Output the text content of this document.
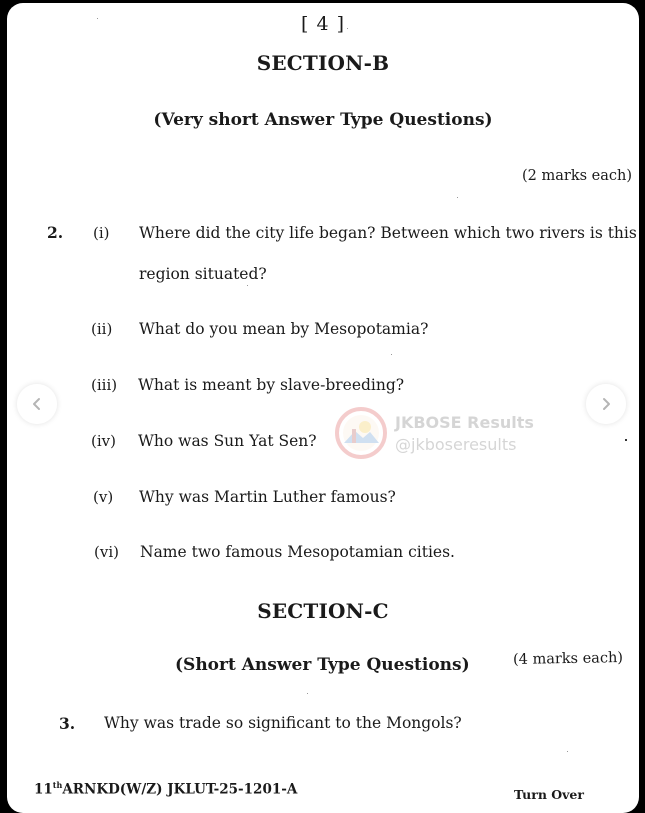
[ 4 ]
SECTION-B
(Very short Answer Type Questions)
(2 marks each)
2. (i) Where did the city life began? Between which two rivers is this
region situated?
(ii) What do you mean by Mesopotamia?
(iii) What is meant by slave-breeding?
(iv) Who was Sun Yat Sen?
(v) Why was Martin Luther famous?
(vi) Name two famous Mesopotamian cities.
SECTION-C
(Short Answer Type Questions)	(4 marks each)
3. Why was trade so significant to the Mongols?
11thARNKD(W/Z) JKLUT-25-1201-A	Turn Over
JKBOSE Results
@jkboseresults
